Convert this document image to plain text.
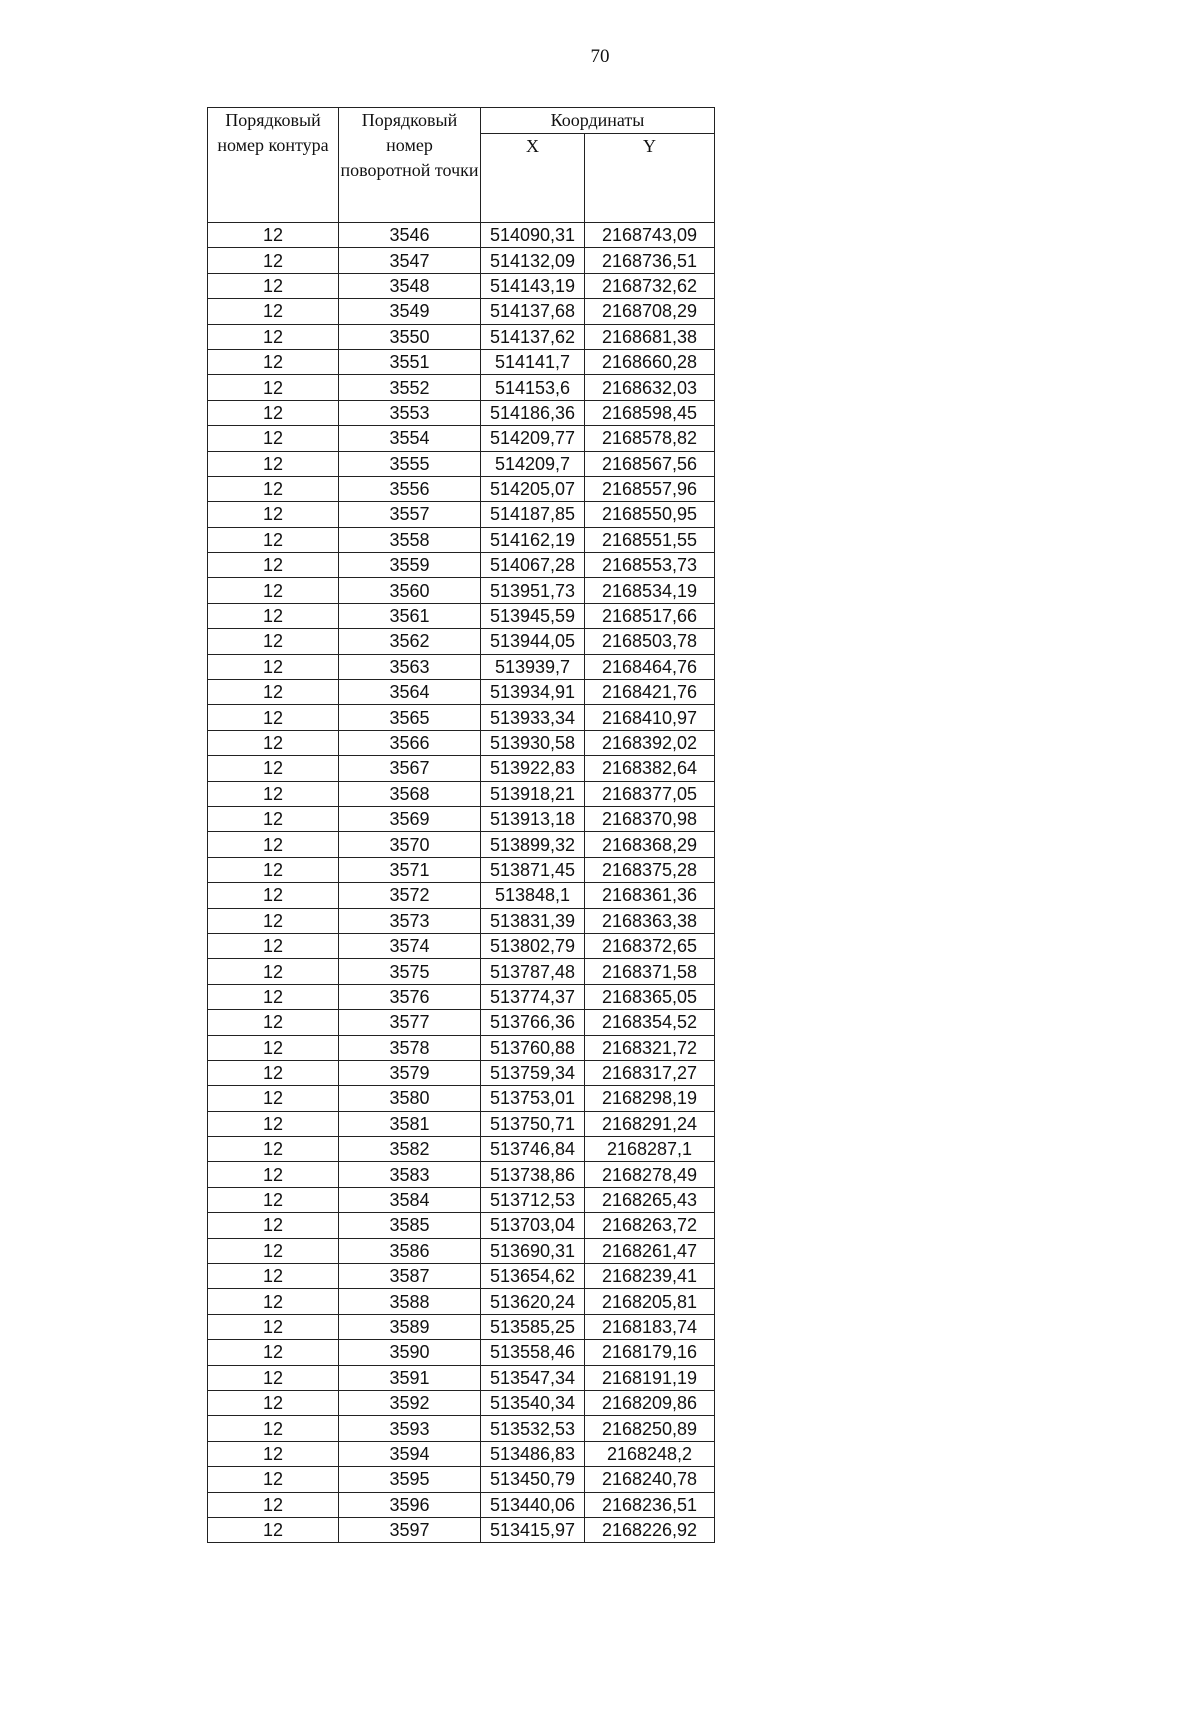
70
Порядковый номер контура	Порядковый номер поворотной точки	Координаты	
		X	Y
12	3546	514090,31	2168743,09
12	3547	514132,09	2168736,51
12	3548	514143,19	2168732,62
12	3549	514137,68	2168708,29
12	3550	514137,62	2168681,38
12	3551	514141,7	2168660,28
12	3552	514153,6	2168632,03
12	3553	514186,36	2168598,45
12	3554	514209,77	2168578,82
12	3555	514209,7	2168567,56
12	3556	514205,07	2168557,96
12	3557	514187,85	2168550,95
12	3558	514162,19	2168551,55
12	3559	514067,28	2168553,73
12	3560	513951,73	2168534,19
12	3561	513945,59	2168517,66
12	3562	513944,05	2168503,78
12	3563	513939,7	2168464,76
12	3564	513934,91	2168421,76
12	3565	513933,34	2168410,97
12	3566	513930,58	2168392,02
12	3567	513922,83	2168382,64
12	3568	513918,21	2168377,05
12	3569	513913,18	2168370,98
12	3570	513899,32	2168368,29
12	3571	513871,45	2168375,28
12	3572	513848,1	2168361,36
12	3573	513831,39	2168363,38
12	3574	513802,79	2168372,65
12	3575	513787,48	2168371,58
12	3576	513774,37	2168365,05
12	3577	513766,36	2168354,52
12	3578	513760,88	2168321,72
12	3579	513759,34	2168317,27
12	3580	513753,01	2168298,19
12	3581	513750,71	2168291,24
12	3582	513746,84	2168287,1
12	3583	513738,86	2168278,49
12	3584	513712,53	2168265,43
12	3585	513703,04	2168263,72
12	3586	513690,31	2168261,47
12	3587	513654,62	2168239,41
12	3588	513620,24	2168205,81
12	3589	513585,25	2168183,74
12	3590	513558,46	2168179,16
12	3591	513547,34	2168191,19
12	3592	513540,34	2168209,86
12	3593	513532,53	2168250,89
12	3594	513486,83	2168248,2
12	3595	513450,79	2168240,78
12	3596	513440,06	2168236,51
12	3597	513415,97	2168226,92
